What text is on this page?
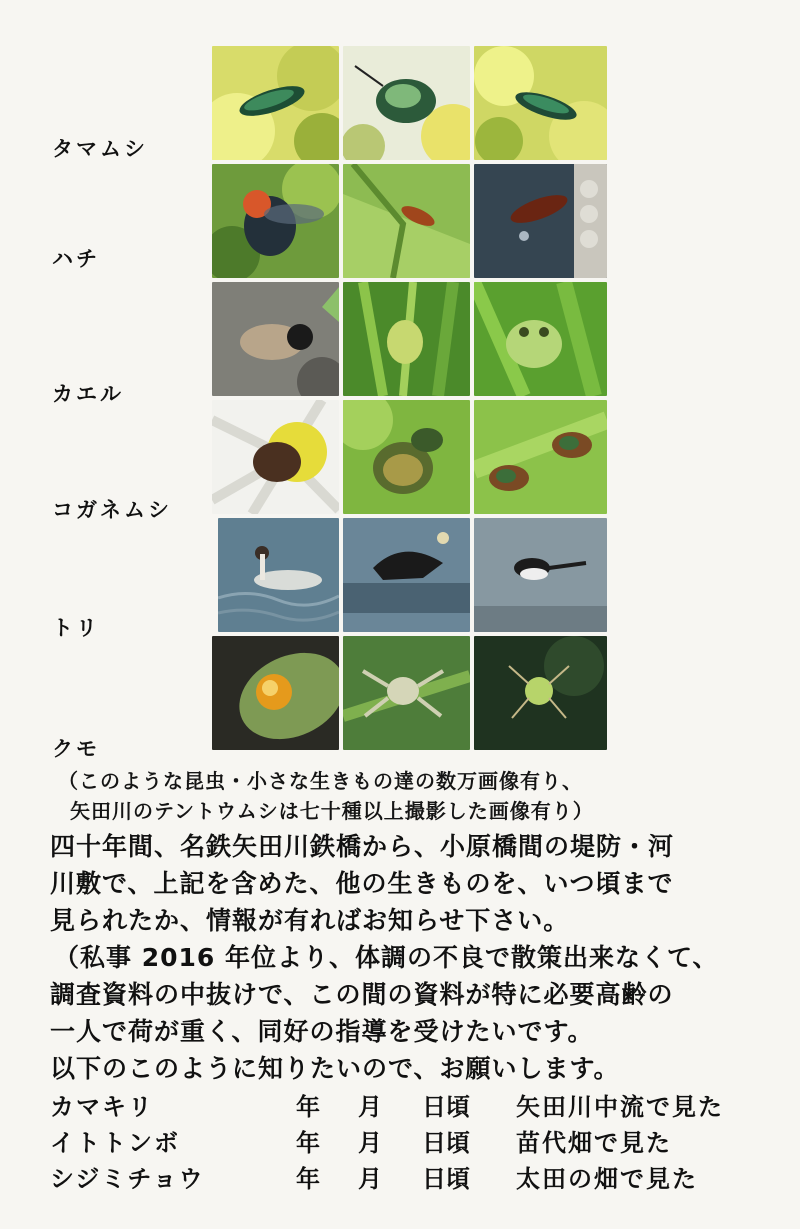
タマムシ
ハチ
カエル
コガネムシ
トリ
クモ
（このような昆虫・小さな生きもの達の数万画像有り、
矢田川のテントウムシは七十種以上撮影した画像有り）
四十年間、名鉄矢田川鉄橋から、小原橋間の堤防・河
川敷で、上記を含めた、他の生きものを、いつ頃まで
見られたか、情報が有ればお知らせ下さい。
（私事 2016 年位より、体調の不良で散策出来なくて、
調査資料の中抜けで、この間の資料が特に必要高齢の
一人で荷が重く、同好の指導を受けたいです。
以下のこのように知りたいので、お願いします。
カマキリ	年	月	日頃	矢田川中流で見た
イトトンボ	年	月	日頃	苗代畑で見た
シジミチョウ	年	月	日頃	太田の畑で見た
